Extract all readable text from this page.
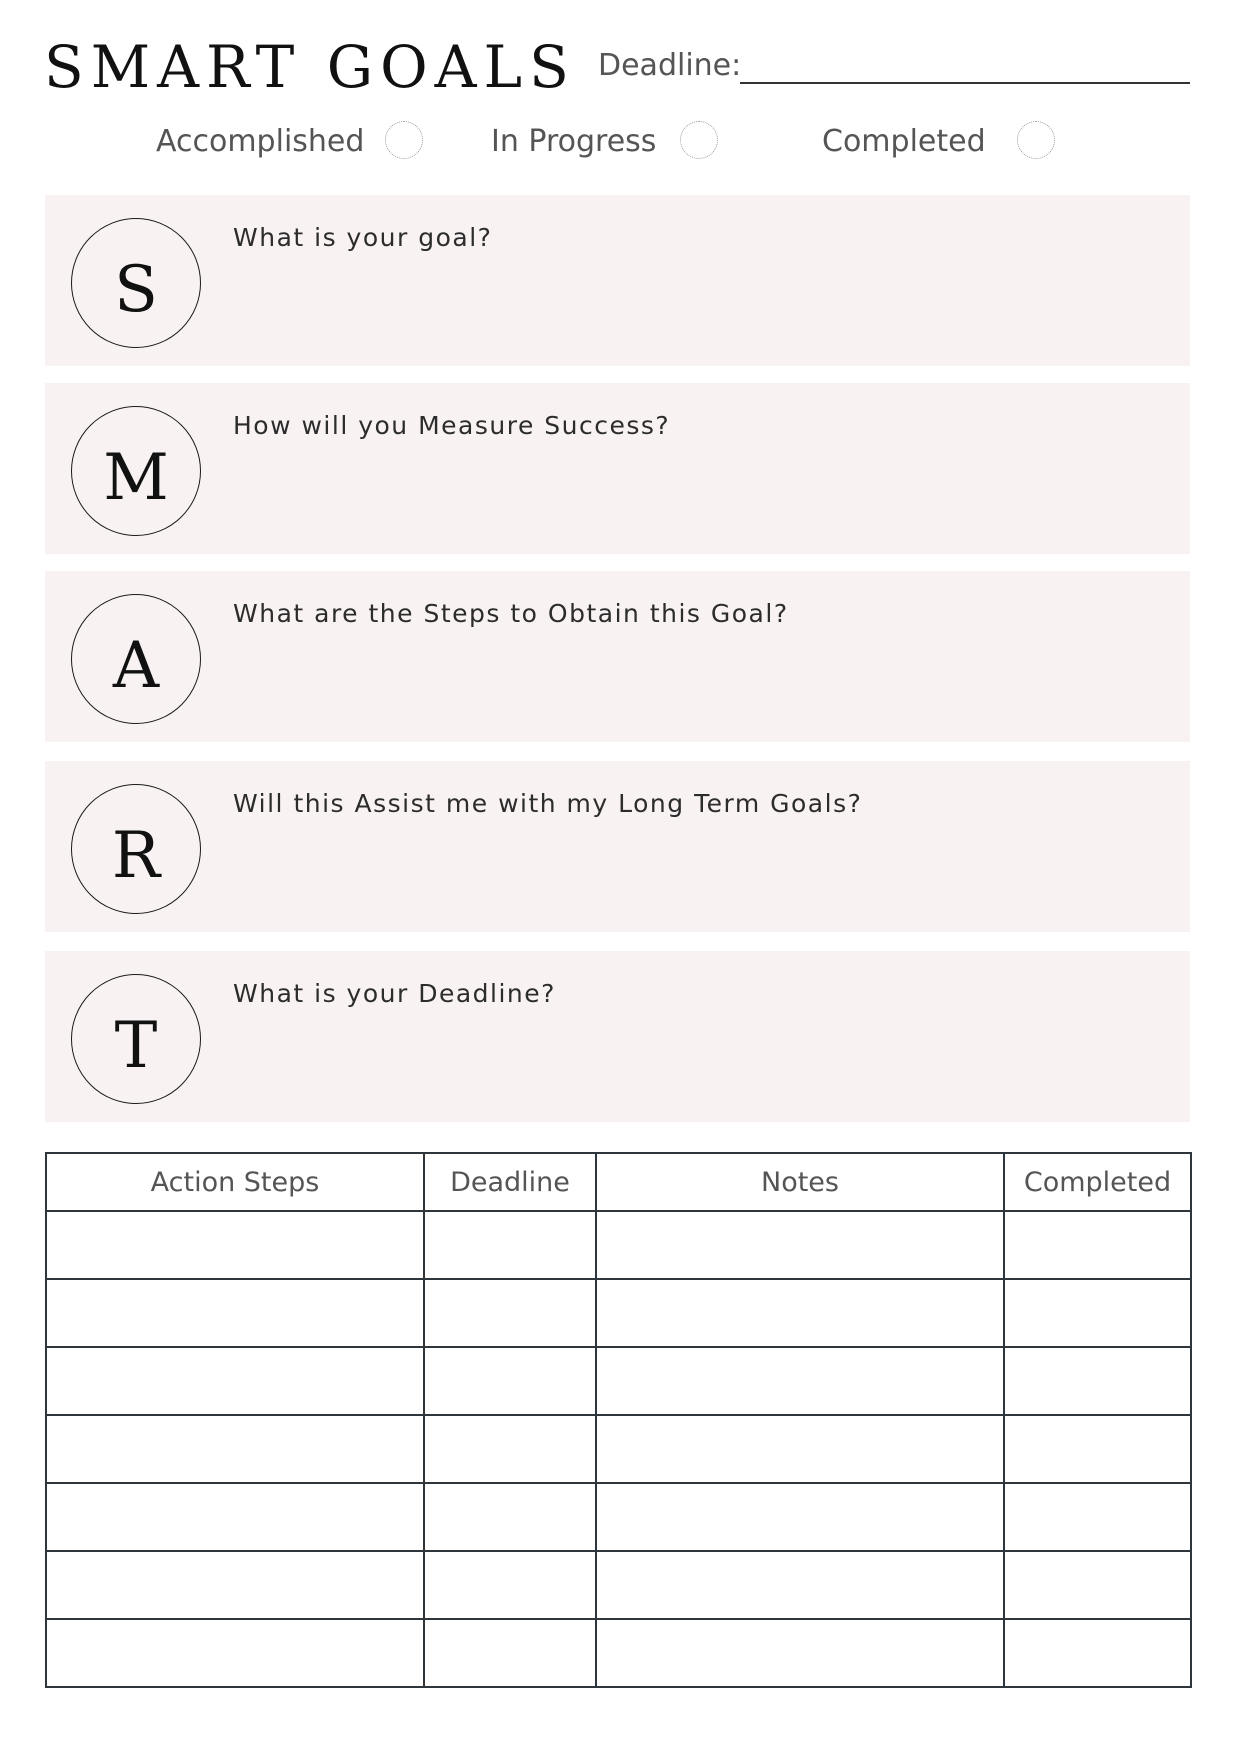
SMART GOALS Deadline:
Accomplished	In Progress	Completed
S
What is your goal?
M
How will you Measure Success?
A
What are the Steps to Obtain this Goal?
R
Will this Assist me with my Long Term Goals?
T
What is your Deadline?
Action Steps	Deadline	Notes	Completed
